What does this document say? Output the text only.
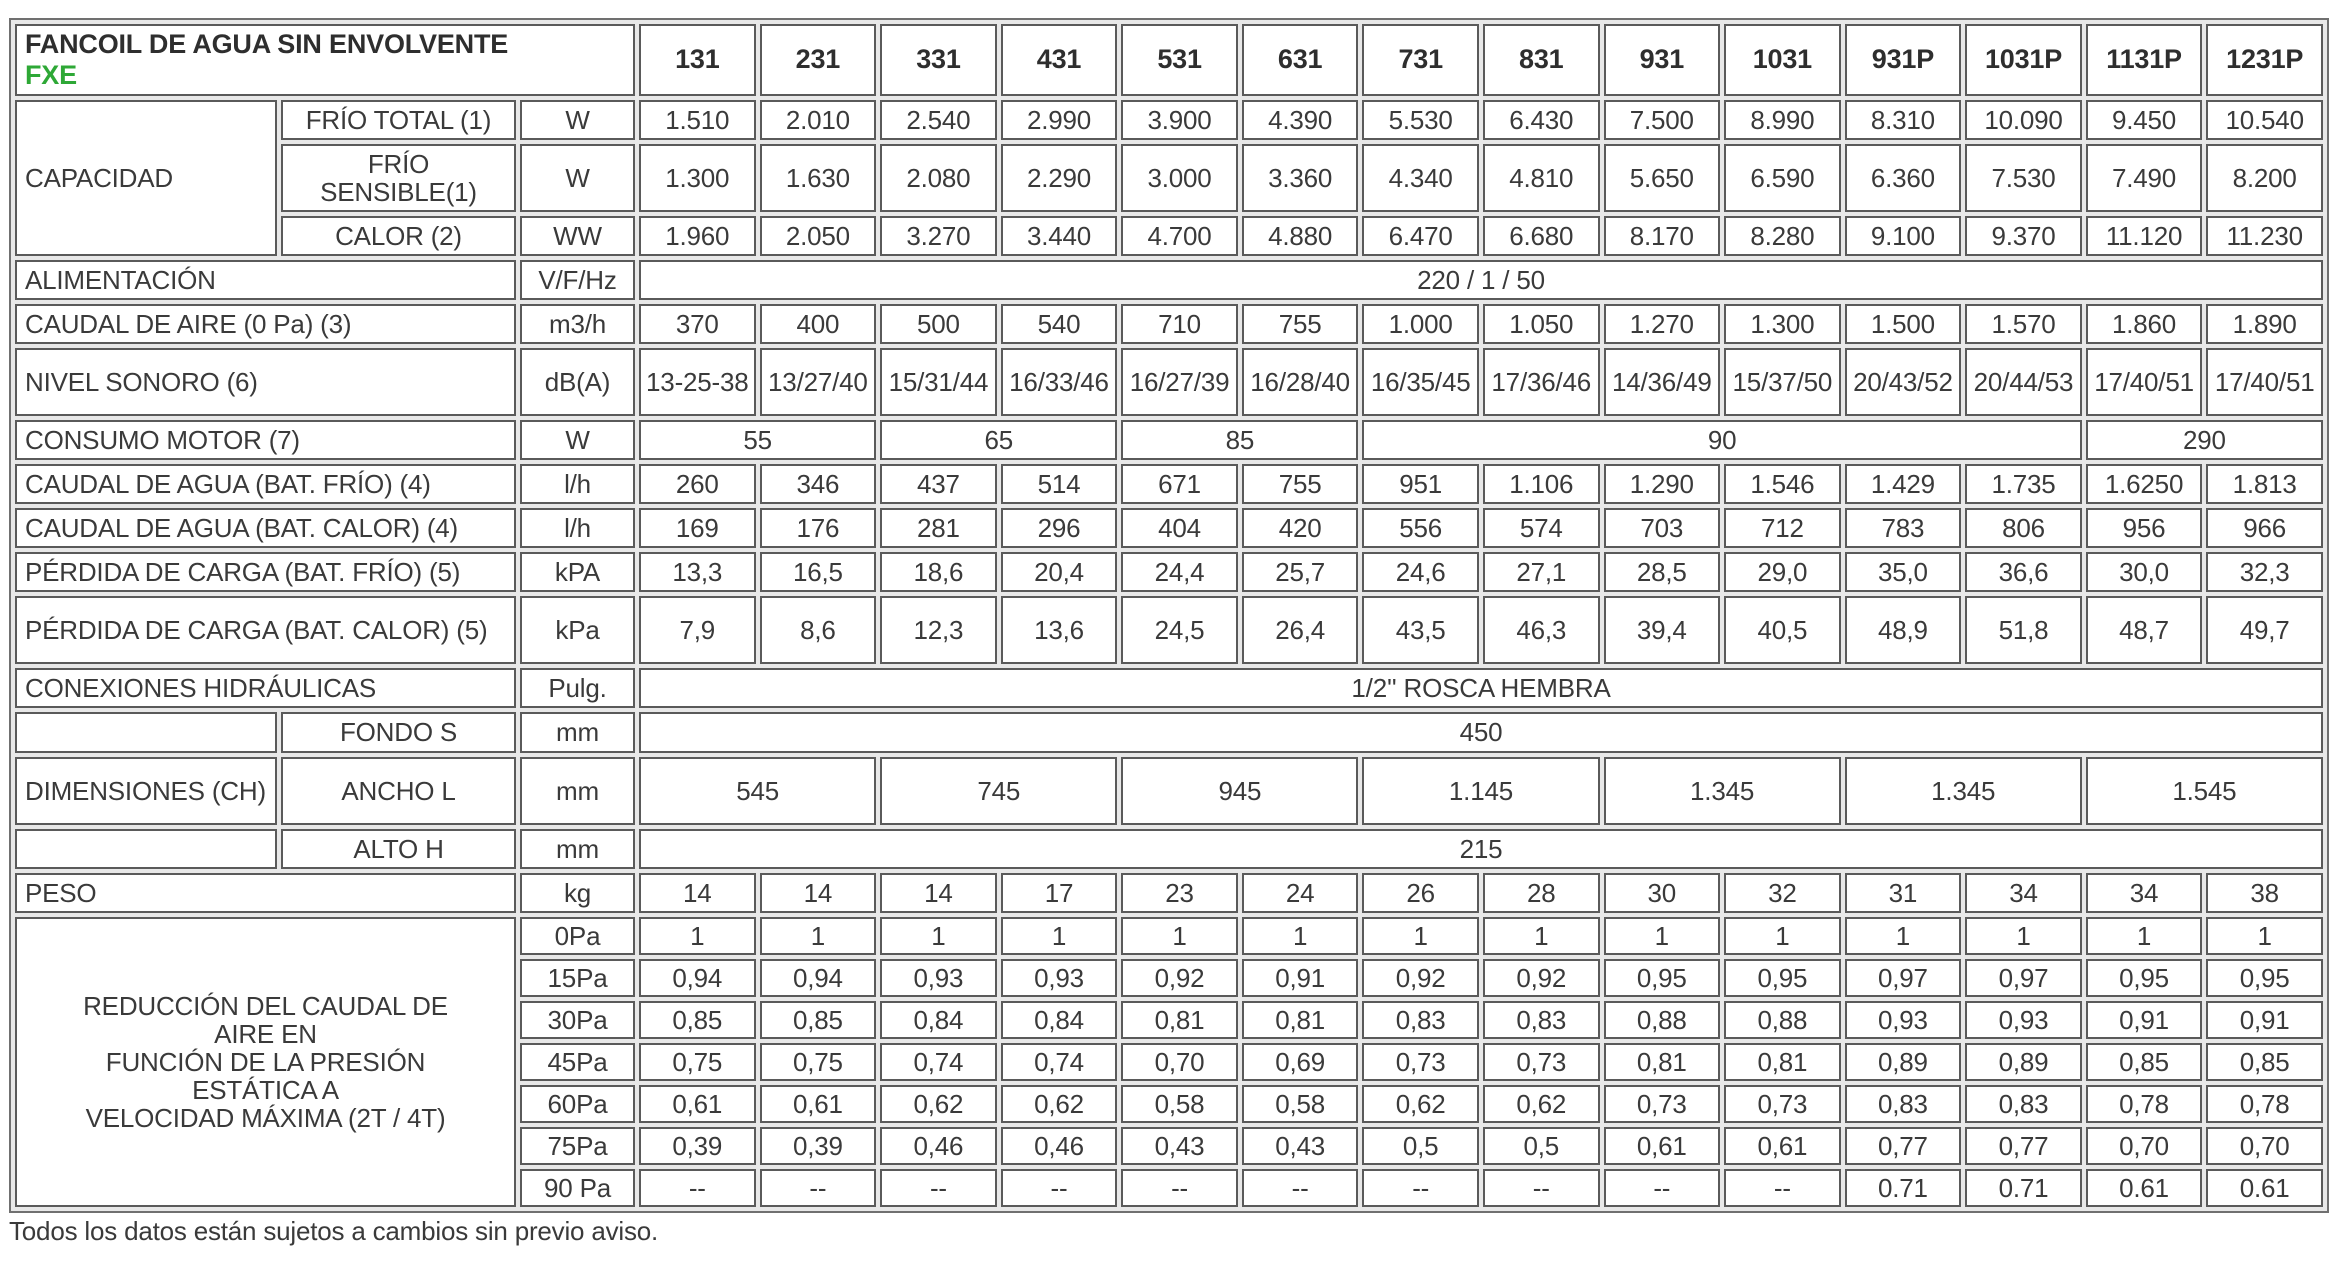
FANCOIL DE AGUA SIN ENVOLVENTE
FXE			131	231	331	431	531	631	731	831	931	1031	931P	1031P	1131P	1231P
CAPACIDAD	FRÍO TOTAL (1)	W	1.510	2.010	2.540	2.990	3.900	4.390	5.530	6.430	7.500	8.990	8.310	10.090	9.450	10.540
	FRÍO SENSIBLE(1)	W	1.300	1.630	2.080	2.290	3.000	3.360	4.340	4.810	5.650	6.590	6.360	7.530	7.490	8.200
	CALOR (2)	WW	1.960	2.050	3.270	3.440	4.700	4.880	6.470	6.680	8.170	8.280	9.100	9.370	11.120	11.230
ALIMENTACIÓN		V/F/Hz	220 / 1 / 50													
CAUDAL DE AIRE (0 Pa) (3)		m3/h	370	400	500	540	710	755	1.000	1.050	1.270	1.300	1.500	1.570	1.860	1.890
NIVEL SONORO (6)		dB(A)	13-25-38	13/27/40	15/31/44	16/33/46	16/27/39	16/28/40	16/35/45	17/36/46	14/36/49	15/37/50	20/43/52	20/44/53	17/40/51	17/40/51
CONSUMO MOTOR (7)		W	55		65		85		90						290	
CAUDAL DE AGUA (BAT. FRÍO) (4)		l/h	260	346	437	514	671	755	951	1.106	1.290	1.546	1.429	1.735	1.6250	1.813
CAUDAL DE AGUA (BAT. CALOR) (4)		l/h	169	176	281	296	404	420	556	574	703	712	783	806	956	966
PÉRDIDA DE CARGA (BAT. FRÍO) (5)		kPA	13,3	16,5	18,6	20,4	24,4	25,7	24,6	27,1	28,5	29,0	35,0	36,6	30,0	32,3
PÉRDIDA DE CARGA (BAT. CALOR) (5)		kPa	7,9	8,6	12,3	13,6	24,5	26,4	43,5	46,3	39,4	40,5	48,9	51,8	48,7	49,7
CONEXIONES HIDRÁULICAS		Pulg.	1/2'' ROSCA HEMBRA													
	FONDO S	mm	450													
DIMENSIONES (CH)	ANCHO L	mm	545		745		945		1.145		1.345		1.345		1.545	
	ALTO H	mm	215													
PESO		kg	14	14	14	17	23	24	26	28	30	32	31	34	34	38

REDUCCIÓN DEL CAUDAL DE
AIRE EN
FUNCIÓN DE LA PRESIÓN
ESTÁTICA A
VELOCIDAD MÁXIMA (2T / 4T)		0Pa	1	1	1	1	1	1	1	1	1	1	1	1	1	1
		15Pa	0,94	0,94	0,93	0,93	0,92	0,91	0,92	0,92	0,95	0,95	0,97	0,97	0,95	0,95
		30Pa	0,85	0,85	0,84	0,84	0,81	0,81	0,83	0,83	0,88	0,88	0,93	0,93	0,91	0,91
		45Pa	0,75	0,75	0,74	0,74	0,70	0,69	0,73	0,73	0,81	0,81	0,89	0,89	0,85	0,85
		60Pa	0,61	0,61	0,62	0,62	0,58	0,58	0,62	0,62	0,73	0,73	0,83	0,83	0,78	0,78
		75Pa	0,39	0,39	0,46	0,46	0,43	0,43	0,5	0,5	0,61	0,61	0,77	0,77	0,70	0,70
		90 Pa	--	--	--	--	--	--	--	--	--	--	0.71	0.71	0.61	0.61
Todos los datos están sujetos a cambios sin previo aviso.
